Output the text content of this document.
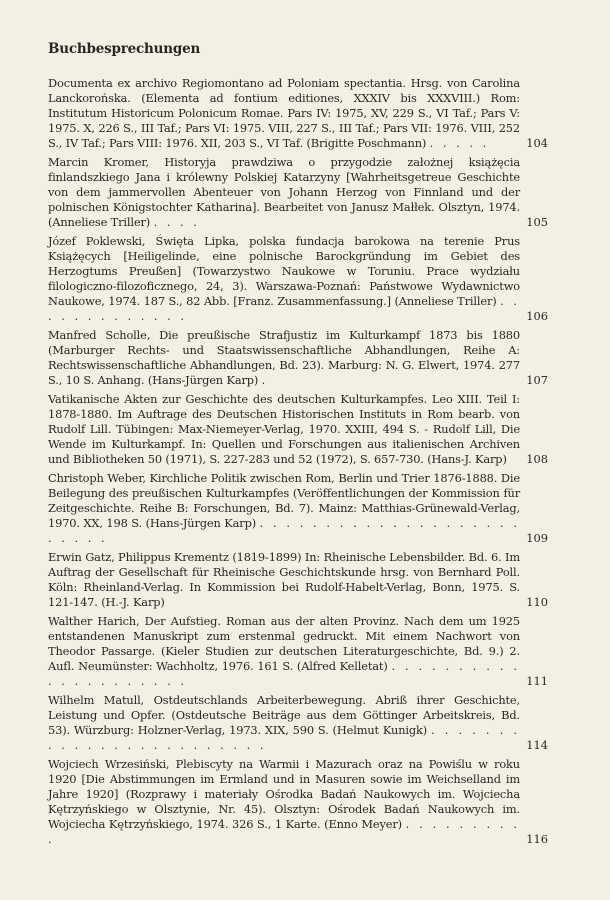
Buchbesprechungen
Documenta ex archivo Regiomontano ad Poloniam spectantia. Hrsg. von Carolina Lanckorońska. (Elementa ad fontium editiones, XXXIV bis XXXVIII.) Rom: Institutum Historicum Polonicum Romae. Pars IV: 1975, XV, 229 S., VI Taf.; Pars V: 1975. X, 226 S., III Taf.; Pars VI: 1975. VIII, 227 S., III Taf.; Pars VII: 1976. VIII, 252 S., IV Taf.; Pars VIII: 1976. XII, 203 S., VI Taf. (Brigitte Poschmann) . . . . .	104
Marcin Kromer, Historyja prawdziwa o przygodzie założnej książęcia finlandszkiego Jana i królewny Polskiej Katarzyny [Wahrheitsgetreue Geschichte von dem jammervollen Abenteuer von Johann Herzog von Finnland und der polnischen Königstochter Katharina]. Bearbeitet von Janusz Małłek. Olsztyn, 1974. (Anneliese Triller) . . . .	105
Józef Poklewski, Święta Lipka, polska fundacja barokowa na terenie Prus Książęcych [Heiligelinde, eine polnische Barockgründung im Gebiet des Herzogtums Preußen] (Towarzystwo Naukowe w Toruniu. Prace wydziału filologiczno-filozoficznego, 24, 3). Warszawa-Poznań: Państwowe Wydawnictwo Naukowe, 1974. 187 S., 82 Abb. [Franz. Zusammenfassung.] (Anneliese Triller) . . . . . . . . . . . . .	106
Manfred Scholle, Die preußische Strafjustiz im Kulturkampf 1873 bis 1880 (Marburger Rechts- und Staatswissenschaftliche Abhandlungen, Reihe A: Rechtswissenschaftliche Abhandlungen, Bd. 23). Marburg: N. G. Elwert, 1974. 277 S., 10 S. Anhang. (Hans-Jürgen Karp) .	107
Vatikanische Akten zur Geschichte des deutschen Kulturkampfes. Leo XIII. Teil I: 1878-1880. Im Auftrage des Deutschen Historischen Instituts in Rom bearb. von Rudolf Lill. Tübingen: Max-Niemeyer-Verlag, 1970. XXIII, 494 S. - Rudolf Lill, Die Wende im Kulturkampf. In: Quellen und Forschungen aus italienischen Archiven und Bibliotheken 50 (1971), S. 227-283 und 52 (1972), S. 657-730. (Hans-J. Karp)	108
Christoph Weber, Kirchliche Politik zwischen Rom, Berlin und Trier 1876-1888. Die Beilegung des preußischen Kulturkampfes (Veröffentlichungen der Kommission für Zeitgeschichte. Reihe B: Forschungen, Bd. 7). Mainz: Matthias-Grünewald-Verlag, 1970. XX, 198 S. (Hans-Jürgen Karp) . . . . . . . . . . . . . . . . . . . . . . . . .	109
Erwin Gatz, Philippus Krementz (1819-1899) In: Rheinische Lebensbilder. Bd. 6. Im Auftrag der Gesellschaft für Rheinische Geschichtskunde hrsg. von Bernhard Poll. Köln: Rheinland-Verlag. In Kommission bei Rudolf-Habelt-Verlag, Bonn, 1975. S. 121-147. (H.-J. Karp)	110
Walther Harich, Der Aufstieg. Roman aus der alten Provinz. Nach dem um 1925 entstandenen Manuskript zum erstenmal gedruckt. Mit einem Nachwort von Theodor Passarge. (Kieler Studien zur deutschen Literaturgeschichte, Bd. 9.) 2. Aufl. Neumünster: Wachholtz, 1976. 161 S. (Alfred Kelletat) . . . . . . . . . . . . . . . . . . . . .	111
Wilhelm Matull, Ostdeutschlands Arbeiterbewegung. Abriß ihrer Geschichte, Leistung und Opfer. (Ostdeutsche Beiträge aus dem Göttinger Arbeitskreis, Bd. 53). Würzburg: Holzner-Verlag, 1973. XIX, 590 S. (Helmut Kunigk) . . . . . . . . . . . . . . . . . . . . . . . .	114
Wojciech Wrzesiński, Plebiscyty na Warmii i Mazurach oraz na Powiślu w roku 1920 [Die Abstimmungen im Ermland und in Masuren sowie im Weichselland im Jahre 1920] (Rozprawy i materiały Ośrodka Badań Naukowych im. Wojciecha Kętrzyńskiego w Olsztynie, Nr. 45). Olsztyn: Ośrodek Badań Naukowych im. Wojciecha Kętrzyńskiego, 1974. 326 S., 1 Karte. (Enno Meyer) . . . . . . . . . .	116
